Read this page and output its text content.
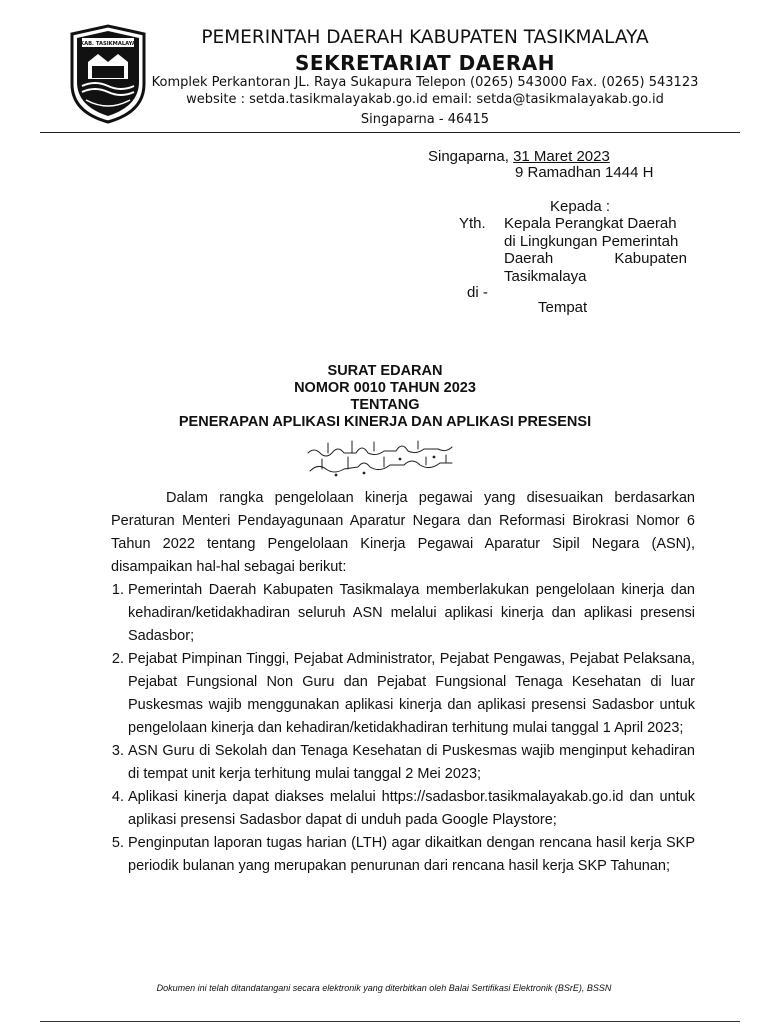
KAB. TASIKMALAYA	PEMERINTAH DAERAH KABUPATEN TASIKMALAYA
SEKRETARIAT DAERAH
Komplek Perkantoran JL. Raya Sukapura Telepon (0265) 543000 Fax. (0265) 543123
website : setda.tasikmalayakab.go.id email: setda@tasikmalayakab.go.id
Singaparna - 46415
Singaparna, 31 Maret 2023
9 Ramadhan 1444 H
Kepada :
Yth. Kepala Perangkat Daerah
di Lingkungan Pemerintah
Daerah	Kabupaten
Tasikmalaya
di -
Tempat
SURAT EDARAN
NOMOR 0010 TAHUN 2023
TENTANG
PENERAPAN APLIKASI KINERJA DAN APLIKASI PRESENSI

Dalam rangka pengelolaan kinerja pegawai yang disesuaikan berdasarkan Peraturan Menteri Pendayagunaan Aparatur Negara dan Reformasi Birokrasi Nomor 6 Tahun 2022 tentang Pengelolaan Kinerja Pegawai Aparatur Sipil Negara (ASN), disampaikan hal-hal sebagai berikut:

1. Pemerintah Daerah Kabupaten Tasikmalaya memberlakukan pengelolaan kinerja dan kehadiran/ketidakhadiran seluruh ASN melalui aplikasi kinerja dan aplikasi presensi Sadasbor;
2. Pejabat Pimpinan Tinggi, Pejabat Administrator, Pejabat Pengawas, Pejabat Pelaksana, Pejabat Fungsional Non Guru dan Pejabat Fungsional Tenaga Kesehatan di luar Puskesmas wajib menggunakan aplikasi kinerja dan aplikasi presensi Sadasbor untuk pengelolaan kinerja dan kehadiran/ketidakhadiran terhitung mulai tanggal 1 April 2023;
3. ASN Guru di Sekolah dan Tenaga Kesehatan di Puskesmas wajib menginput kehadiran di tempat unit kerja terhitung mulai tanggal 2 Mei 2023;
4. Aplikasi kinerja dapat diakses melalui https://sadasbor.tasikmalayakab.go.id dan untuk aplikasi presensi Sadasbor dapat di unduh pada Google Playstore;
5. Penginputan laporan tugas harian (LTH) agar dikaitkan dengan rencana hasil kerja SKP periodik bulanan yang merupakan penurunan dari rencana hasil kerja SKP Tahunan;
Dokumen ini telah ditandatangani secara elektronik yang diterbitkan oleh Balai Sertifikasi Elektronik (BSrE), BSSN
